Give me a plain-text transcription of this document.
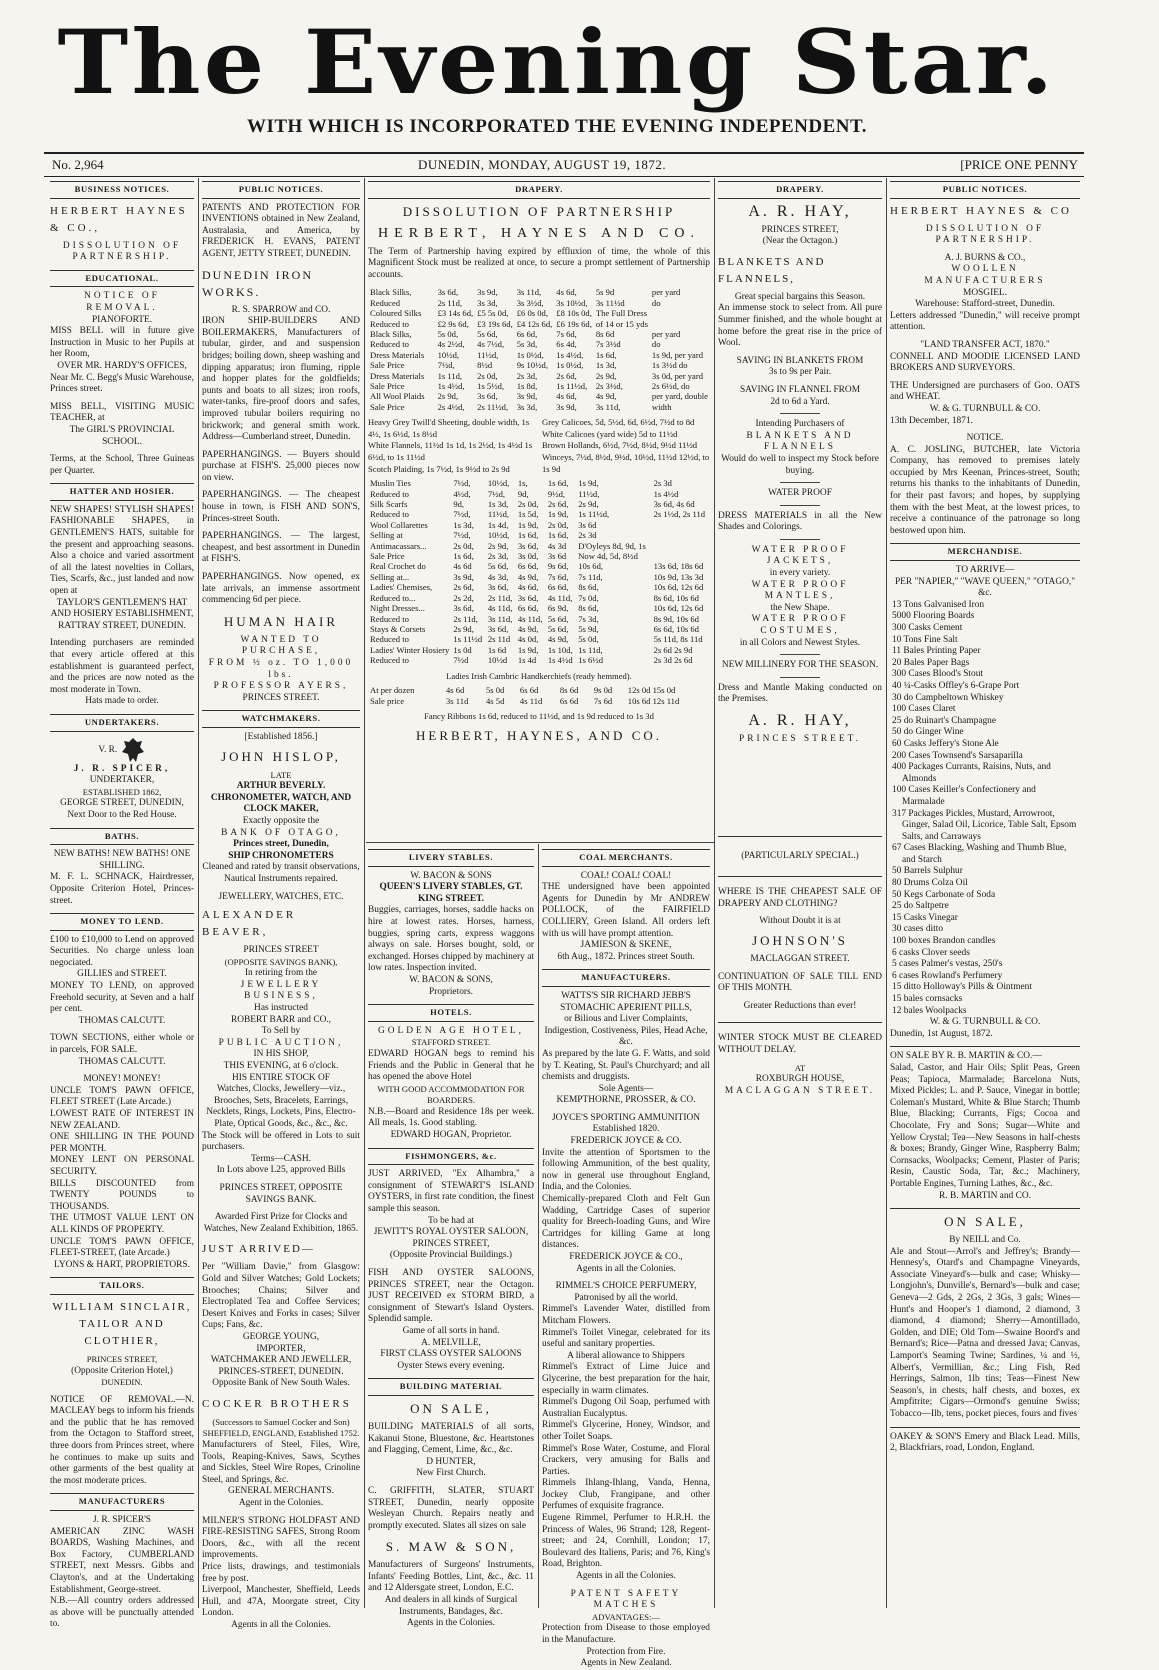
The Evening Star.
WITH WHICH IS INCORPORATED THE EVENING INDEPENDENT.
No. 2,964	DUNEDIN, MONDAY, AUGUST 19, 1872.	[PRICE ONE PENNY
BUSINESS NOTICES.
HERBERT HAYNES & CO.,
DISSOLUTION OF
PARTNERSHIP.
EDUCATIONAL.
NOTICE OF REMOVAL.
PIANOFORTE.
MISS BELL will in future give Instruction in Music to her Pupils at her Room,
OVER MR. HARDY'S OFFICES,
Near Mr. C. Begg's Music Warehouse, Princes street.
MISS BELL, VISITING MUSIC TEACHER, at
The GIRL'S PROVINCIAL SCHOOL.
Terms, at the School, Three Guineas per Quarter.
HATTER AND HOSIER.
NEW SHAPES! STYLISH SHAPES! FASHIONABLE SHAPES, in GENTLEMEN'S HATS, suitable for the present and approaching seasons. Also a choice and varied assortment of all the latest novelties in Collars, Ties, Scarfs, &c., just landed and now open at
TAYLOR'S GENTLEMEN'S HAT AND HOSIERY ESTABLISHMENT, RATTRAY STREET, DUNEDIN.
Intending purchasers are reminded that every article offered at this establishment is guaranteed perfect, and the prices are now noted as the most moderate in Town.
Hats made to order.
UNDERTAKERS.
V. R.
J. R. SPICER,
UNDERTAKER,
ESTABLISHED 1862,
GEORGE STREET, DUNEDIN,
Next Door to the Red House.
BATHS.
NEW BATHS! NEW BATHS! ONE SHILLING.
M. F. L. SCHNACK, Hairdresser, Opposite Criterion Hotel, Princes-street.
MONEY TO LEND.
£100 to £10,000 to Lend on approved Securities. No charge unless loan negociated.
GILLIES and STREET.
MONEY TO LEND, on approved Freehold security, at Seven and a half per cent.
THOMAS CALCUTT.
TOWN SECTIONS, either whole or in parcels, FOR SALE.
THOMAS CALCUTT.
MONEY! MONEY!
UNCLE TOM'S PAWN OFFICE, FLEET STREET (Late Arcade.)
LOWEST RATE OF INTEREST IN NEW ZEALAND.
ONE SHILLING IN THE POUND PER MONTH.
MONEY LENT ON PERSONAL SECURITY.
BILLS DISCOUNTED from TWENTY POUNDS to THOUSANDS.
THE UTMOST VALUE LENT ON ALL KINDS OF PROPERTY.
UNCLE TOM'S PAWN OFFICE, FLEET-STREET, (late Arcade.)
LYONS & HART, PROPRIETORS.
TAILORS.
WILLIAM SINCLAIR, TAILOR AND CLOTHIER,
PRINCES STREET,
(Opposite Criterion Hotel,)
DUNEDIN.
NOTICE OF REMOVAL.—N. MACLEAY begs to inform his friends and the public that he has removed from the Octagon to Stafford street, three doors from Princes street, where he continues to make up suits and other garments of the best quality at the most moderate prices.
MANUFACTURERS
J. R. SPICER'S
AMERICAN ZINC WASH BOARDS, Washing Machines, and Box Factory, CUMBERLAND STREET, next Messrs. Gibbs and Clayton's, and at the Undertaking Establishment, George-street.
N.B.—All country orders addressed as above will be punctually attended to.
PUBLIC NOTICES.
PATENTS AND PROTECTION FOR INVENTIONS obtained in New Zealand, Australasia, and America, by FREDERICK H. EVANS, PATENT AGENT, JETTY STREET, DUNEDIN.
DUNEDIN IRON WORKS.
R. S. SPARROW and CO.
IRON SHIP-BUILDERS AND BOILERMAKERS, Manufacturers of tubular, girder, and and suspension bridges; boiling down, sheep washing and dipping apparatus; iron fluming, ripple and hopper plates for the goldfields; punts and boats to all sizes; iron roofs, water-tanks, fire-proof doors and safes, improved tubular boilers requiring no brickwork; and general smith work. Address—Cumberland street, Dunedin.
PAPERHANGINGS. — Buyers should purchase at FISH'S. 25,000 pieces now on view.
PAPERHANGINGS. — The cheapest house in town, is FISH AND SON'S, Princes-street South.
PAPERHANGINGS. — The largest, cheapest, and best assortment in Dunedin at FISH'S.
PAPERHANGINGS. Now opened, ex late arrivals, an immense assortment commencing 6d per piece.
HUMAN HAIR
WANTED TO PURCHASE,
FROM ½ oz. TO 1,000 lbs.
PROFESSOR AYERS,
PRINCES STREET.
WATCHMAKERS.
[Established 1856.]
JOHN HISLOP,
LATE
ARTHUR BEVERLY.
CHRONOMETER, WATCH, AND CLOCK MAKER,
Exactly opposite the
BANK OF OTAGO,
Princes street, Dunedin,
SHIP CHRONOMETERS
Cleaned and rated by transit observations, Nautical Instruments repaired.
JEWELLERY, WATCHES, ETC.
ALEXANDER BEAVER,
PRINCES STREET
(OPPOSITE SAVINGS BANK),
In retiring from the
JEWELLERY BUSINESS,
Has instructed
ROBERT BARR and CO.,
To Sell by
PUBLIC AUCTION,
IN HIS SHOP,
THIS EVENING, at 6 o'clock.
HIS ENTIRE STOCK OF
Watches, Clocks, Jewellery—viz., Brooches, Sets, Bracelets, Earrings, Necklets, Rings, Lockets, Pins, Electro-Plate, Optical Goods, &c., &c., &c.
The Stock will be offered in Lots to suit purchasers.
Terms—CASH.
In Lots above L25, approved Bills
PRINCES STREET, OPPOSITE SAVINGS BANK.
Awarded First Prize for Clocks and Watches, New Zealand Exhibition, 1865.
JUST ARRIVED—
Per "William Davie," from Glasgow: Gold and Silver Watches; Gold Lockets; Brooches; Chains; Silver and Electroplated Tea and Coffee Services; Desert Knives and Forks in cases; Silver Cups; Fans, &c.
GEORGE YOUNG,
IMPORTER,
WATCHMAKER AND JEWELLER,
PRINCES-STREET, DUNEDIN.
Opposite Bank of New South Wales.
COCKER BROTHERS
(Successors to Samuel Cocker and Son) SHEFFIELD, ENGLAND, Established 1752.
Manufacturers of Steel, Files, Wire, Tools, Reaping-Knives, Saws, Scythes and Sickles, Steel Wire Ropes, Crinoline Steel, and Springs, &c.
GENERAL MERCHANTS.
Agent in the Colonies.
MILNER'S STRONG HOLDFAST AND FIRE-RESISTING SAFES, Strong Room Doors, &c., with all the recent improvements.
Price lists, drawings, and testimonials free by post.
Liverpool, Manchester, Sheffield, Leeds Hull, and 47A, Moorgate street, City London.
Agents in all the Colonies.
DRAPERY.
DISSOLUTION OF PARTNERSHIP
HERBERT, HAYNES AND CO.
The Term of Partnership having expired by effluxion of time, the whole of this Magnificent Stock must be realized at once, to secure a prompt settlement of Partnership accounts.
Black Silks,	3s 6d,	3s 9d,	3s 11d,	4s 6d,	5s 9d	per yard
Reduced	2s 11d,	3s 3d,	3s 3½d,	3s 10½d,	3s 11½d	do
Coloured Silks	£3 14s 6d,	£5 5s 0d,	£6 0s 0d,	£8 10s 0d,	The Full Dress	
Reduced to	£2 9s 6d,	£3 19s 6d,	£4 12s 6d,	£6 19s 6d,	of 14 or 15 yds	
Black Silks,	5s 0d,	5s 6d,	6s 6d,	7s 6d,	8s 6d	per yard
Reduced to	4s 2½d,	4s 7½d,	5s 3d,	6s 4d,	7s 3½d	do
Dress Materials	10½d,	11½d,	1s 0½d,	1s 4½d,	1s 6d,	1s 9d, per yard
Sale Price	7½d,	8½d	9s 10½d,	1s 0½d,	1s 3d,	1s 3½d do
Dress Materials	1s 11d,	2s 0d,	2s 3d,	2s 6d,	2s 9d,	3s 0d, per yard
Sale Price	1s 4½d,	1s 5½d,	1s 8d,	1s 11½d,	2s 3½d,	2s 6½d, do
All Wool Plaids	2s 9d,	3s 6d,	3s 9d,	4s 6d,	4s 9d,	per yard, double
Sale Price	2s 4½d,	2s 11½d,	3s 3d,	3s 9d,	3s 11d,	width
Heavy Grey Twill'd Sheeting, double width, 1s 4½, 1s 6½d, 1s 8½d
White Flannels, 11½d 1s 1d, 1s 2½d, 1s 4½d 1s 6½d, to 1s 11½d
Scotch Plaiding, 1s 7½d, 1s 9½d to 2s 9d
Grey Calicoes, 5d, 5½d, 6d, 6½d, 7½d to 8d
White Calicoes (yard wide) 5d to 11½d
Brown Hollands, 6½d, 7½d, 8½d, 9½d 11½d
Winceys, 7½d, 8½d, 9½d, 10½d, 11½d 12½d, to 1s 9d
Muslin Ties	7½d,	10½d,	1s,	1s 6d,	1s 9d,	2s 3d
Reduced to	4½d,	7½d,	9d,	9½d,	11½d,	1s 4½d
Silk Scarfs	9d,	1s 3d,	2s 0d,	2s 6d,	2s 9d,	3s 6d, 4s 6d
Reduced to	7½d,	11½d,	1s 5d,	1s 9d,	1s 11½d,	2s 1½d, 2s 11d
Wool Collarettes	1s 3d,	1s 4d,	1s 9d,	2s 0d,	3s 6d	
Selling at	7½d,	10½d,	1s 6d,	1s 6d,	2s 3d	
Antimacassars...	2s 0d,	2s 9d,	3s 6d,	4s 3d	D'Oyleys 8d, 9d, 1s	
Sale Price	1s 6d,	2s 3d,	3s 0d,	3s 6d	Now 4d, 5d, 8½d	
Real Crochet do	4s 6d	5s 6d,	6s 6d,	9s 6d,	10s 6d,	13s 6d, 18s 6d
Selling at...	3s 9d,	4s 3d,	4s 9d,	7s 6d,	7s 11d,	10s 9d, 13s 3d
Ladies' Chemises,	2s 6d,	3s 6d,	4s 6d,	6s 6d,	8s 6d,	10s 6d, 12s 6d
Reduced to...	2s 2d,	2s 11d,	3s 6d,	4s 11d,	7s 0d,	8s 6d, 10s 6d
Night Dresses...	3s 6d,	4s 11d,	6s 6d,	6s 9d,	8s 6d,	10s 6d, 12s 6d
Reduced to	2s 11d,	3s 11d,	4s 11d,	5s 6d,	7s 3d,	8s 9d, 10s 6d
Stays & Corsets	2s 9d,	3s 6d,	4s 9d,	5s 6d,	5s 9d,	6s 6d, 10s 6d
Reduced to	1s 11½d	2s 11d	4s 0d,	4s 9d,	5s 0d,	5s 11d, 8s 11d
Ladies' Winter Hosiery	1s 0d	1s 6d	1s 9d,	1s 10d,	1s 11d,	2s 6d 2s 9d
Reduced to	7½d	10½d	1s 4d	1s 4½d	1s 6½d	2s 3d 2s 6d
Ladies Irish Cambric Handkerchiefs (ready hemmed).
At per dozen	4s 6d	5s 0d	6s 6d	8s 6d	9s 0d	12s 0d 15s 0d
Sale price	3s 11d	4s 5d	4s 11d	6s 6d	7s 6d	10s 6d 12s 11d
Fancy Ribbons 1s 6d, reduced to 11½d, and 1s 9d reduced to 1s 3d
HERBERT, HAYNES, AND CO.
LIVERY STABLES.
W. BACON & SONS
QUEEN'S LIVERY STABLES, GT. KING STREET.
Buggies, carriages, horses, saddle hacks on hire at lowest rates. Horses, harness, buggies, spring carts, express waggons always on sale. Horses bought, sold, or exchanged. Horses chipped by machinery at low rates. Inspection invited.
W. BACON & SONS,
Proprietors.
HOTELS.
GOLDEN AGE HOTEL,
STAFFORD STREET.
EDWARD HOGAN begs to remind his Friends and the Public in General that he has opened the above Hotel
WITH GOOD ACCOMMODATION FOR BOARDERS.
N.B.—Board and Residence 18s per week. All meals, 1s. Good stabling.
EDWARD HOGAN, Proprietor.
FISHMONGERS, &c.
JUST ARRIVED, "Ex Alhambra," a consignment of STEWART'S ISLAND OYSTERS, in first rate condition, the finest sample this season.
To be had at
JEWITT'S ROYAL OYSTER SALOON, PRINCES STREET,
(Opposite Provincial Buildings.)
FISH AND OYSTER SALOONS, PRINCES STREET, near the Octagon. JUST RECEIVED ex STORM BIRD, a consignment of Stewart's Island Oysters. Splendid sample.
Game of all sorts in hand.
A. MELVILLE,
FIRST CLASS OYSTER SALOONS
Oyster Stews every evening.
BUILDING MATERIAL
ON SALE,
BUILDING MATERIALS of all sorts, Kakanui Stone, Bluestone, &c. Heartstones and Flagging, Cement, Lime, &c., &c.
D HUNTER,
New First Church.
C. GRIFFITH, SLATER, STUART STREET, Dunedin, nearly opposite Wesleyan Church. Repairs neatly and promptly executed. Slates all sizes on sale
S. MAW & SON,
Manufacturers of Surgeons' Instruments, Infants' Feeding Bottles, Lint, &c., &c. 11 and 12 Aldersgate street, London, E.C.
And dealers in all kinds of Surgical Instruments, Bandages, &c.
Agents in the Colonies.
COAL MERCHANTS.
COAL! COAL! COAL!
THE undersigned have been appointed Agents for Dunedin by Mr ANDREW POLLOCK, of the FAIRFIELD COLLIERY, Green Island. All orders left with us will have prompt attention.
JAMIESON & SKENE,
6th Aug., 1872. Princes street South.
MANUFACTURERS.
WATTS'S SIR RICHARD JEBB'S STOMACHIC APERIENT PILLS,
or Bilious and Liver Complaints, Indigestion, Costiveness, Piles, Head Ache, &c.
As prepared by the late G. F. Watts, and sold by T. Keating, St. Paul's Churchyard; and all chemists and druggists.
Sole Agents—
KEMPTHORNE, PROSSER, & CO.
JOYCE'S SPORTING AMMUNITION
Established 1820.
FREDERICK JOYCE & CO.
Invite the attention of Sportsmen to the following Ammunition, of the best quality, now in general use throughout England, India, and the Colonies.
Chemically-prepared Cloth and Felt Gun Wadding, Cartridge Cases of superior quality for Breech-loading Guns, and Wire Cartridges for killing Game at long distances.
FREDERICK JOYCE & CO.,
Agents in all the Colonies.
RIMMEL'S CHOICE PERFUMERY,
Patronised by all the world.
Rimmel's Lavender Water, distilled from Mitcham Flowers.
Rimmel's Toilet Vinegar, celebrated for its useful and sanitary properties.
A liberal allowance to Shippers
Rimmel's Extract of Lime Juice and Glycerine, the best preparation for the hair, especially in warm climates.
Rimmel's Dugong Oil Soap, perfumed with Australian Eucalyptus.
Rimmel's Glycerine, Honey, Windsor, and other Toilet Soaps.
Rimmel's Rose Water, Costume, and Floral Crackers, very amusing for Balls and Parties.
Rimmels Ihlang-Ihlang, Vanda, Henna, Jockey Club, Frangipane, and other Perfumes of exquisite fragrance.
Eugene Rimmel, Perfumer to H.R.H. the Princess of Wales, 96 Strand; 128, Regent-street; and 24, Cornhill, London; 17, Boulevard des Italiens, Paris; and 76, King's Road, Brighton.
Agents in all the Colonies.
PATENT SAFETY MATCHES
ADVANTAGES:—
Protection from Disease to those employed in the Manufacture.
Protection from Fire.
Agents in New Zealand.
DRAPERY.
A. R. HAY,
PRINCES STREET,
(Near the Octagon.)
BLANKETS AND FLANNELS,
Great special bargains this Season.
An immense stock to select from. All pure Summer finished, and the whole bought at home before the great rise in the price of Wool.
SAVING IN BLANKETS FROM
3s to 9s per Pair.
SAVING IN FLANNEL FROM
2d to 6d a Yard.
Intending Purchasers of
BLANKETS AND FLANNELS
Would do well to inspect my Stock before buying.
WATER PROOF
DRESS MATERIALS in all the New Shades and Colorings.
WATER PROOF JACKETS,
in every variety.
WATER PROOF MANTLES,
the New Shape.
WATER PROOF COSTUMES,
in all Colors and Newest Styles.
NEW MILLINERY FOR THE SEASON.
Dress and Mantle Making conducted on the Premises.
A. R. HAY,
PRINCES STREET.
(PARTICULARLY SPECIAL.)
WHERE IS THE CHEAPEST SALE OF DRAPERY AND CLOTHING?
Without Doubt it is at
JOHNSON'S
MACLAGGAN STREET.
CONTINUATION OF SALE TILL END OF THIS MONTH.
Greater Reductions than ever!
WINTER STOCK MUST BE CLEARED WITHOUT DELAY.
AT
ROXBURGH HOUSE,
MACLAGGAN STREET.
PUBLIC NOTICES.
HERBERT HAYNES & CO
DISSOLUTION OF
PARTNERSHIP.
A. J. BURNS & CO.,
WOOLLEN MANUFACTURERS
MOSGIEL.
Warehouse: Stafford-street, Dunedin.
Letters addressed "Dunedin," will receive prompt attention.
"LAND TRANSFER ACT, 1870."
CONNELL AND MOODIE LICENSED LAND BROKERS AND SURVEYORS.
THE Undersigned are purchasers of Goo. OATS and WHEAT.
W. & G. TURNBULL & CO.
13th December, 1871.
NOTICE.
A. C. JOSLING, BUTCHER, late Victoria Company, has removed to premises lately occupied by Mrs Keenan, Princes-street, South; returns his thanks to the inhabitants of Dunedin, for their past favors; and hopes, by supplying them with the best Meat, at the lowest prices, to receive a continuance of the patronage so long bestowed upon him.
MERCHANDISE.
TO ARRIVE—
PER "NAPIER," "WAVE QUEEN," "OTAGO," &c.
13 Tons Galvanised Iron
5000 Flooring Boards
300 Casks Cement
10 Tons Fine Salt
11 Bales Printing Paper
20 Bales Paper Bags
300 Cases Blood's Stout
40 ¼-Casks Offley's 6-Grape Port
30 do Campbeltown Whiskey
100 Cases Claret
25 do Ruinart's Champagne
50 do Ginger Wine
60 Casks Jeffery's Stone Ale
200 Cases Townsend's Sarsaparilla
400 Packages Currants, Raisins, Nuts, and Almonds
100 Cases Keiller's Confectionery and Marmalade
317 Packages Pickles, Mustard, Arrowroot, Ginger, Salad Oil, Licorice, Table Salt, Epsom Salts, and Carraways
67 Cases Blacking, Washing and Thumb Blue, and Starch
50 Barrels Sulphur
80 Drums Colza Oil
50 Kegs Carbonate of Soda
25 do Saltpetre
15 Casks Vinegar
30 cases ditto
100 boxes Brandon candles
6 casks Clover seeds
5 cases Palmer's vestas, 250's
6 cases Rowland's Perfumery
15 ditto Holloway's Pills & Ointment
15 bales cornsacks
12 bales Woolpacks
W. & G. TURNBULL & CO.
Dunedin, 1st August, 1872.
ON SALE BY R. B. MARTIN & CO.—
Salad, Castor, and Hair Oils; Split Peas, Green Peas; Tapioca, Marmalade; Barcelona Nuts, Mixed Pickles; L. and P. Sauce, Vinegar in bottle; Coleman's Mustard, White & Blue Starch; Thumb Blue, Blacking; Currants, Figs; Cocoa and Chocolate, Fry and Sons; Sugar—White and Yellow Crystal; Tea—New Seasons in half-chests & boxes; Brandy, Ginger Wine, Raspberry Balm; Cornsacks, Woolpacks; Cement, Plaster of Paris; Resin, Caustic Soda, Tar, &c.; Machinery, Portable Engines, Turning Lathes, &c., &c.
R. B. MARTIN and CO.
ON SALE,
By NEILL and Co.
Ale and Stout—Arrol's and Jeffrey's; Brandy—Hennesy's, Otard's and Champagne Vineyards, Associate Vineyard's—bulk and case; Whisky—Longjohn's, Dunville's, Bernard's—bulk and case; Geneva—2 Gds, 2 2Gs, 2 3Gs, 3 gals; Wines—Hunt's and Hooper's 1 diamond, 2 diamond, 3 diamond, 4 diamond; Sherry—Amontillado, Golden, and DIE; Old Tom—Swaine Boord's and Bernard's; Rice—Patna and dressed Java; Canvas, Lamport's Seaming Twine; Sardines, ¼ and ½, Albert's, Vermillian, &c.; Ling Fish, Red Herrings, Salmon, 1lb tins; Teas—Finest New Season's, in chests, half chests, and boxes, ex Ampfitrite; Cigars—Ormond's genuine Swiss; Tobacco—Ilb, tens, pocket pieces, fours and fives
OAKEY & SON'S Emery and Black Lead. Mills, 2, Blackfriars, road, London, England.
